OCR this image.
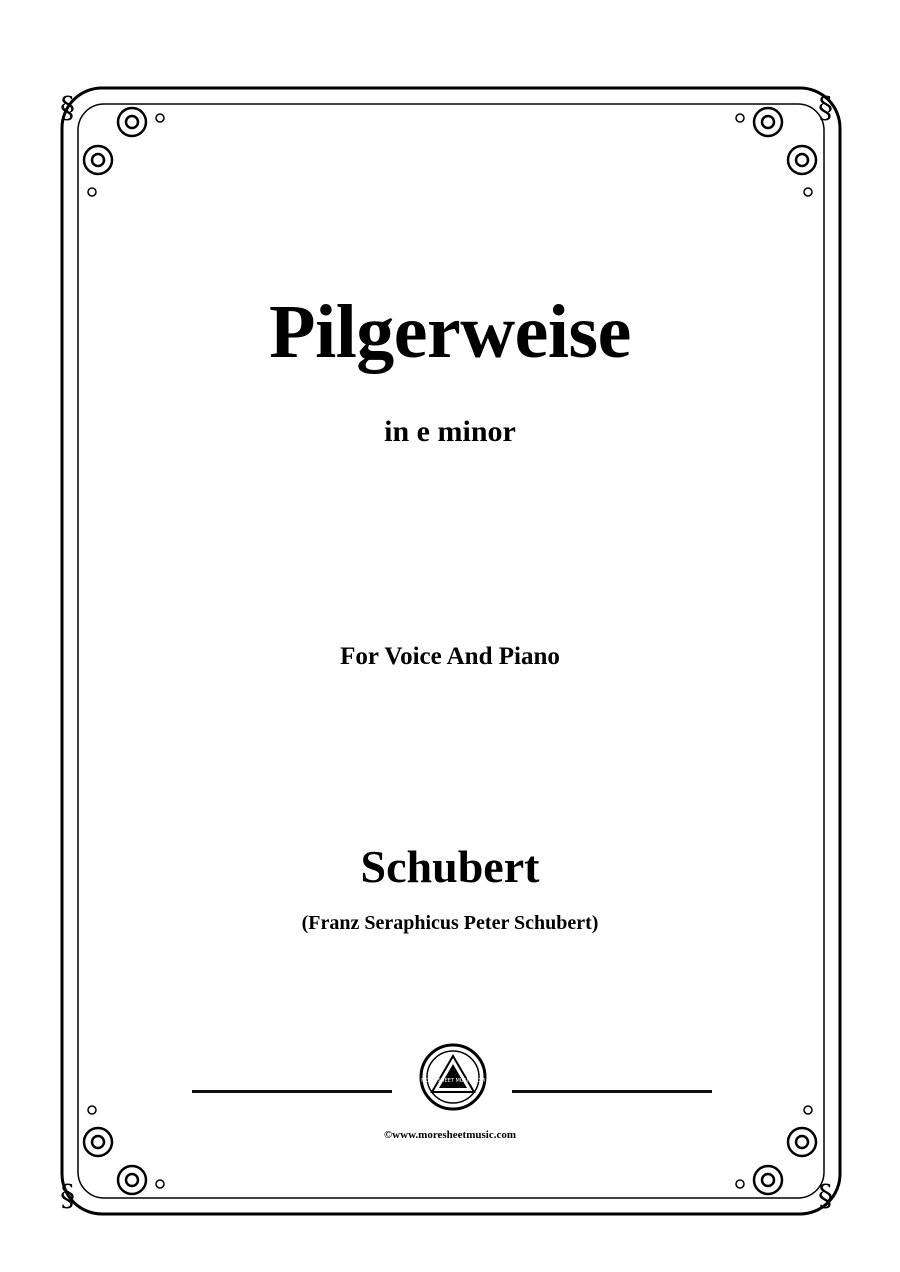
§	§
§	§
Pilgerweise
in e minor
For Voice And Piano
Schubert
(Franz Seraphicus Peter Schubert)
MORE SHEET MUSIC.COM
©www.moresheetmusic.com
